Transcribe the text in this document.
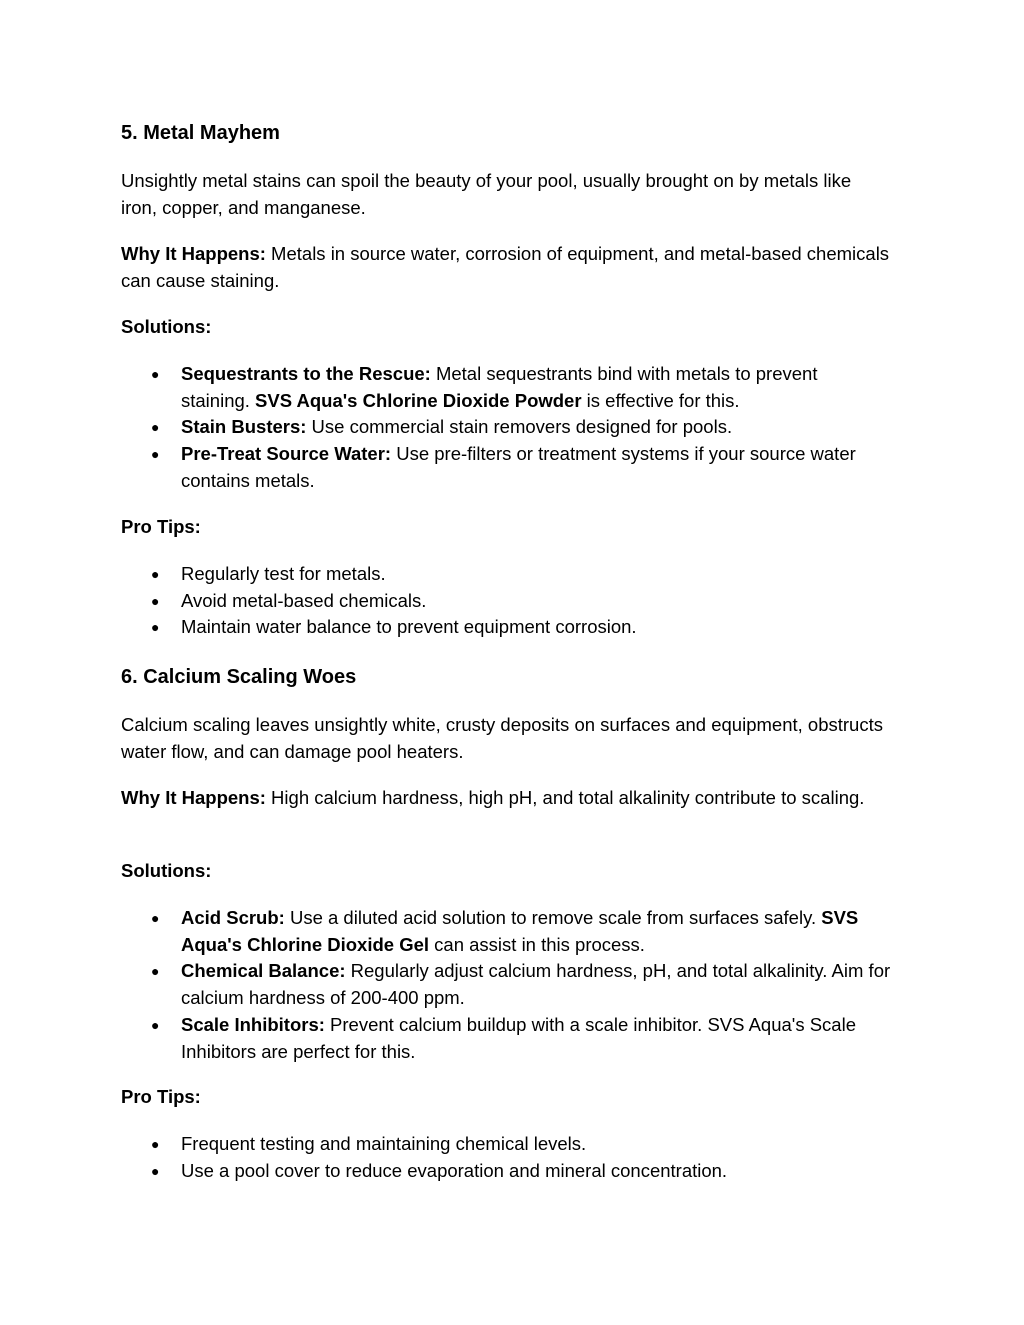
5. Metal Mayhem

Unsightly metal stains can spoil the beauty of your pool, usually brought on by metals like iron, copper, and manganese.

Why It Happens: Metals in source water, corrosion of equipment, and metal-based chemicals can cause staining.

Solutions:

● Sequestrants to the Rescue: Metal sequestrants bind with metals to prevent staining. SVS Aqua's Chlorine Dioxide Powder is effective for this.
● Stain Busters: Use commercial stain removers designed for pools.
● Pre-Treat Source Water: Use pre-filters or treatment systems if your source water contains metals.

Pro Tips:

● Regularly test for metals.
● Avoid metal-based chemicals.
● Maintain water balance to prevent equipment corrosion.
6. Calcium Scaling Woes

Calcium scaling leaves unsightly white, crusty deposits on surfaces and equipment, obstructs water flow, and can damage pool heaters.

Why It Happens: High calcium hardness, high pH, and total alkalinity contribute to scaling.

Solutions:

● Acid Scrub: Use a diluted acid solution to remove scale from surfaces safely. SVS Aqua's Chlorine Dioxide Gel can assist in this process.
● Chemical Balance: Regularly adjust calcium hardness, pH, and total alkalinity. Aim for calcium hardness of 200-400 ppm.
● Scale Inhibitors: Prevent calcium buildup with a scale inhibitor. SVS Aqua's Scale Inhibitors are perfect for this.

Pro Tips:

● Frequent testing and maintaining chemical levels.
● Use a pool cover to reduce evaporation and mineral concentration.
